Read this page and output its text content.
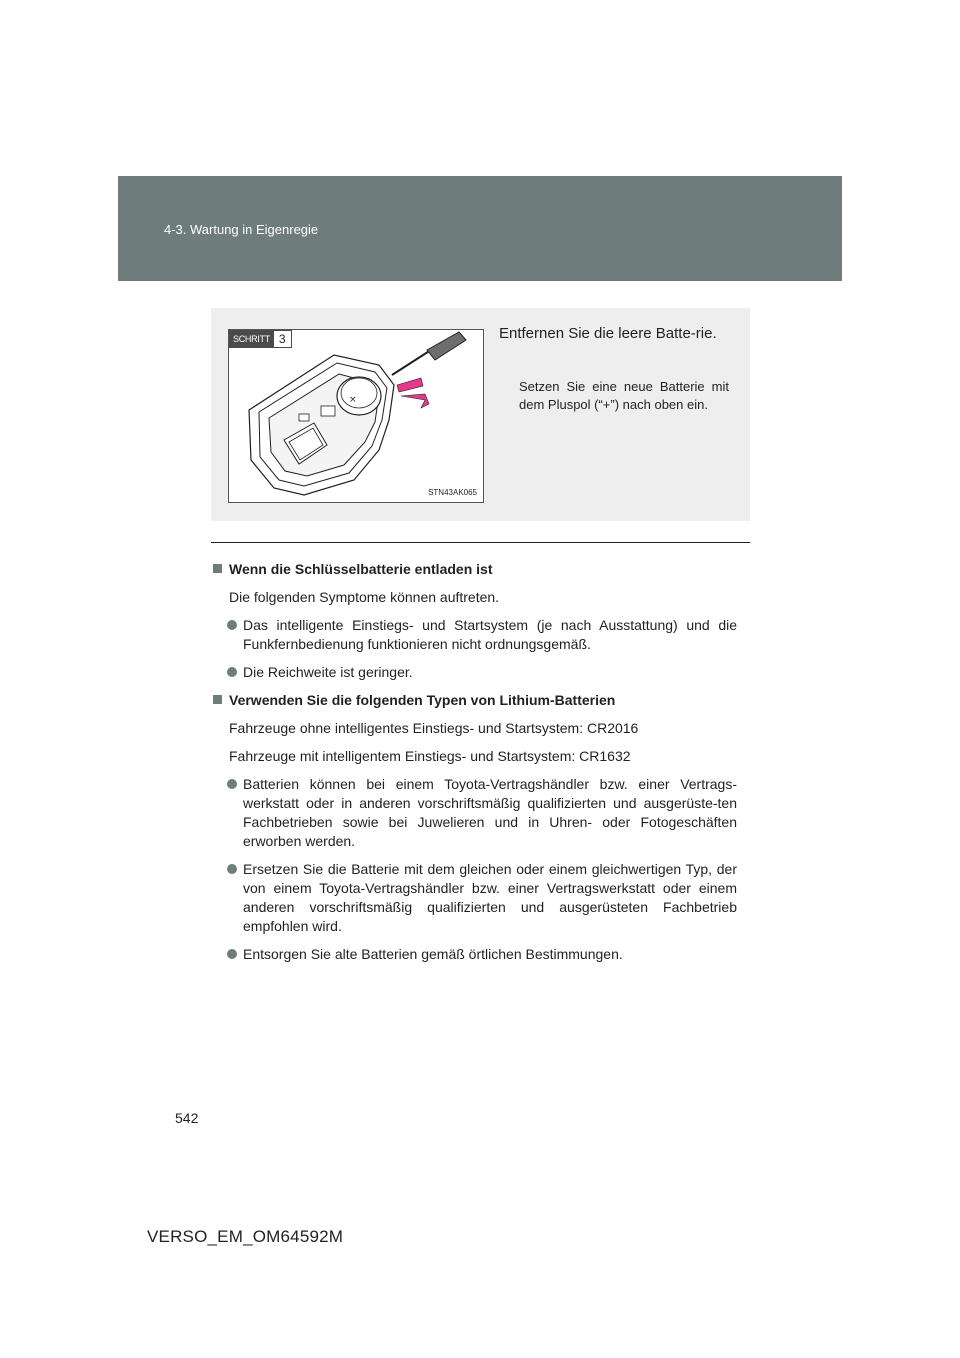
4-3. Wartung in Eigenregie
×
SCHRITT 3
STN43AK065
Entfernen Sie die leere Batte-rie.
Setzen Sie eine neue Batterie mit dem Pluspol (“+”) nach oben ein.
Wenn die Schlüsselbatterie entladen ist
Die folgenden Symptome können auftreten.
Das intelligente Einstiegs- und Startsystem (je nach Ausstattung) und die Funkfernbedienung funktionieren nicht ordnungsgemäß.
Die Reichweite ist geringer.
Verwenden Sie die folgenden Typen von Lithium-Batterien
Fahrzeuge ohne intelligentes Einstiegs- und Startsystem: CR2016
Fahrzeuge mit intelligentem Einstiegs- und Startsystem: CR1632
Batterien können bei einem Toyota-Vertragshändler bzw. einer Vertrags-werkstatt oder in anderen vorschriftsmäßig qualifizierten und ausgerüste-ten Fachbetrieben sowie bei Juwelieren und in Uhren- oder Fotogeschäften erworben werden.
Ersetzen Sie die Batterie mit dem gleichen oder einem gleichwertigen Typ, der von einem Toyota-Vertragshändler bzw. einer Vertragswerkstatt oder einem anderen vorschriftsmäßig qualifizierten und ausgerüsteten Fachbetrieb empfohlen wird.
Entsorgen Sie alte Batterien gemäß örtlichen Bestimmungen.
542
VERSO_EM_OM64592M
